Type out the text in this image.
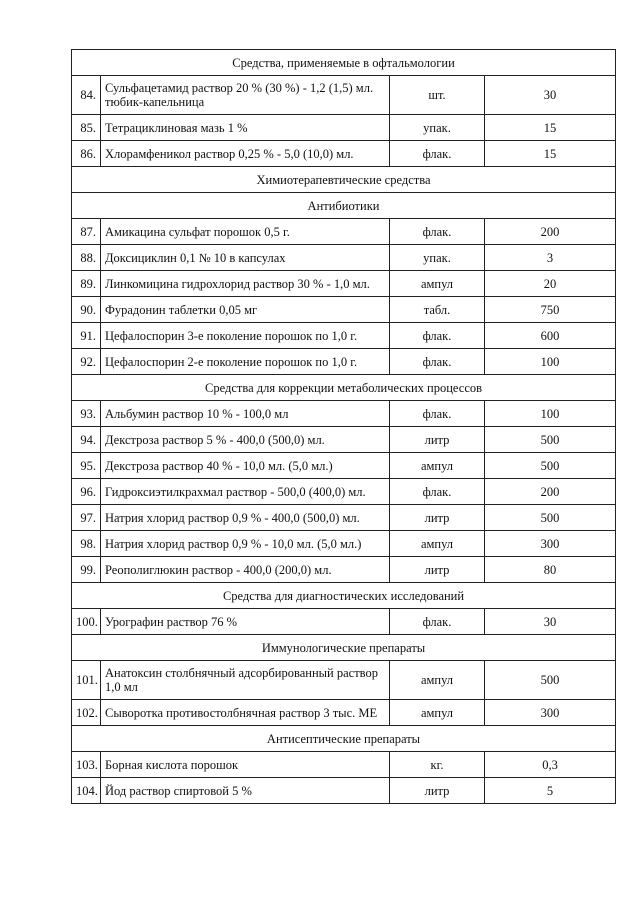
Средства, применяемые в офтальмологии			
84.	Сульфацетамид раствор 20 % (30 %) - 1,2 (1,5) мл. тюбик-капельница	шт.	30
85.	Тетрациклиновая мазь 1 %	упак.	15
86.	Хлорамфеникол раствор 0,25 % - 5,0 (10,0) мл.	флак.	15
Химиотерапевтические средства			
Антибиотики			
87.	Амикацина сульфат порошок 0,5 г.	флак.	200
88.	Доксициклин 0,1 № 10 в капсулах	упак.	3
89.	Линкомицина гидрохлорид раствор 30 % - 1,0 мл.	ампул	20
90.	Фурадонин таблетки 0,05 мг	табл.	750
91.	Цефалоспорин 3-е поколение порошок по 1,0 г.	флак.	600
92.	Цефалоспорин 2-е поколение порошок по 1,0 г.	флак.	100
Средства для коррекции метаболических процессов			
93.	Альбумин раствор 10 % - 100,0 мл	флак.	100
94.	Декстроза раствор 5 % - 400,0 (500,0) мл.	литр	500
95.	Декстроза раствор 40 % - 10,0 мл. (5,0 мл.)	ампул	500
96.	Гидроксиэтилкрахмал раствор - 500,0 (400,0) мл.	флак.	200
97.	Натрия хлорид раствор 0,9 % - 400,0 (500,0) мл.	литр	500
98.	Натрия хлорид раствор 0,9 % - 10,0 мл. (5,0 мл.)	ампул	300
99.	Реополиглюкин раствор - 400,0 (200,0) мл.	литр	80
Средства для диагностических исследований			
100.	Урографин раствор 76 %	флак.	30
Иммунологические препараты			
101.	Анатоксин столбнячный адсорбированный раствор 1,0 мл	ампул	500
102.	Сыворотка противостолбнячная раствор 3 тыс. МЕ	ампул	300
Антисептические препараты			
103.	Борная кислота порошок	кг.	0,3
104.	Йод раствор спиртовой 5 %	литр	5
